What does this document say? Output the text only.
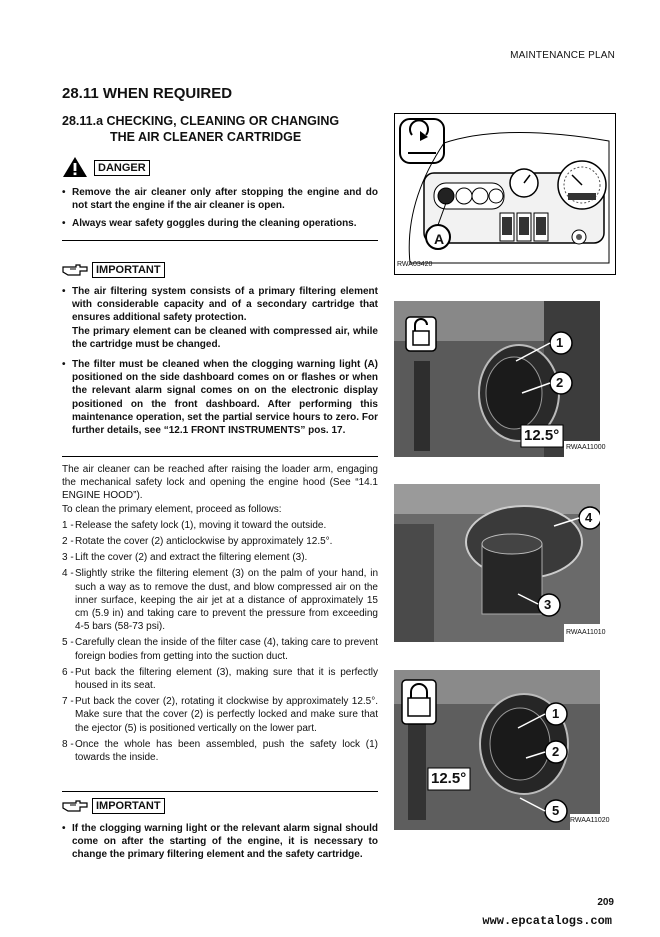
MAINTENANCE PLAN
28.11 WHEN REQUIRED
28.11.a CHECKING, CLEANING OR CHANGING
THE AIR CLEANER CARTRIDGE
DANGER
• Remove the air cleaner only after stopping the engine and do not start the engine if the air cleaner is open.
• Always wear safety goggles during the cleaning operations.
IMPORTANT
• The air filtering system consists of a primary filtering element with considerable capacity and of a secondary cartridge that ensures additional safety protection.
The primary element can be cleaned with compressed air, while the cartridge must be changed.
• The filter must be cleaned when the clogging warning light (A) positioned on the side dashboard comes on or flashes or when the relevant alarm signal comes on on the electronic display positioned on the front dashboard. After performing this maintenance operation, set the partial service hours to zero. For further details, see “12.1 FRONT INSTRUMENTS” pos. 17.
The air cleaner can be reached after raising the loader arm, engaging the mechanical safety lock and opening the engine hood (See “14.1 ENGINE HOOD”).
To clean the primary element, proceed as follows:
1 - Release the safety lock (1), moving it toward the outside.
2 - Rotate the cover (2) anticlockwise by approximately 12.5°.
3 - Lift the cover (2) and extract the filtering element (3).
4 - Slightly strike the filtering element (3) on the palm of your hand, in such a way as to remove the dust, and blow compressed air on the inner surface, keeping the air jet at a distance of approximately 15 cm (5.9 in) and taking care to prevent the pressure from exceeding 4-5 bars (58-73 psi).
5 - Carefully clean the inside of the filter case (4), taking care to prevent foreign bodies from getting into the suction duct.
6 - Put back the filtering element (3), making sure that it is perfectly housed in its seat.
7 - Put back the cover (2), rotating it clockwise by approximately 12.5°. Make sure that the cover (2) is perfectly locked and make sure that the ejector (5) is positioned vertically on the lower part.
8 - Once the whole has been assembled, push the safety lock (1) towards the inside.
IMPORTANT
• If the clogging warning light or the relevant alarm signal should come on after the starting of the engine, it is necessary to change the primary filtering element and the safety cartridge.
A
RWA03420
1
2
12.5°
RWAA11000
4
3
RWAA11010
1
2
5
12.5°
RWAA11020
209
www.epcatalogs.com
